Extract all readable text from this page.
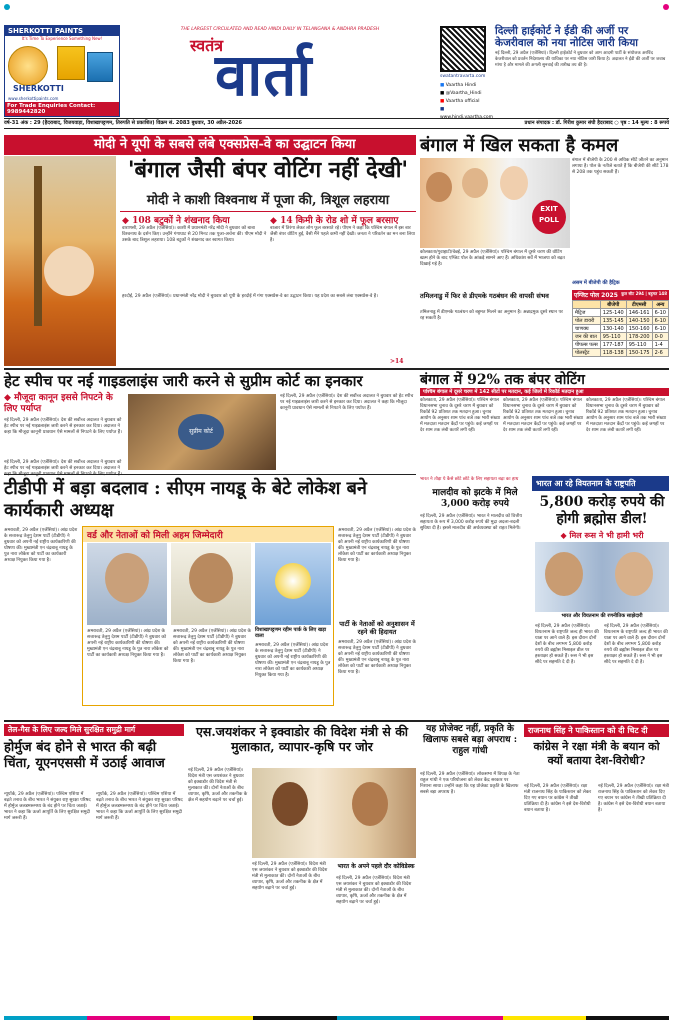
SHERKOTTI PAINTS
It's Time To Experience Something New!
SHERKOTTI
www.sherkottipaints.com
For Trade Enquiries Contact: 9989442820
THE LARGEST CIRCULATED AND READ HINDI DAILY IN TELANGANA & ANDHRA PRADESH
स्वतंत्र
वार्ता	swatantravarta.com
■ Vaartha Hindi
■ @Vaartha_Hindi
■ Vaartha official
■
दिल्ली हाईकोर्ट ने ईडी की अर्जी पर केजरीवाल को नया नोटिस जारी किया
नई दिल्ली, 29 अप्रैल (एजेंसियां)। दिल्ली हाईकोर्ट ने बुधवार को आम आदमी पार्टी के संयोजक अरविंद केजरीवाल को प्रवर्तन निदेशालय की याचिका पर नया नोटिस जारी किया है। अदालत ने ईडी की अर्जी पर जवाब मांगा है और मामले की अगली सुनवाई की तारीख तय की है।
वर्ष-31 अंक : 29 (हैदराबाद, विजयवाड़ा, विशाखापट्टणम, तिरुपति से प्रकाशित) विक्रम सं. 2083 बुधवार, 30 अप्रैल-2026	प्रधान संपादक : डॉ. गिरीश कुमार संघी हैदराबाद ○ पृष्ठ : 14 मूल्य : 8 रूपये
मोदी ने यूपी के सबसे लंबे एक्सप्रेस-वे का उद्घाटन किया
'बंगाल जैसी बंपर वोटिंग नहीं देखी'
मोदी ने काशी विश्वनाथ में पूजा की, त्रिशूल लहराया
◆ 108 बटुकों ने शंखनाद किया	◆ 14 किमी के रोड शो में फूल बरसाए
वाराणसी, 29 अप्रैल (एजेंसियां)। काशी में प्रधानमंत्री नरेंद्र मोदी ने बुधवार को बाबा विश्वनाथ के दर्शन किए। उन्होंने गंगाघाट से 20 मिनट तक पूजा-अर्चना की। पीएम मोदी ने उसके बाद त्रिशूल लहराया। 108 बटुकों ने शंखनाद कर स्वागत किया।
बाजार में तिरंगा लेकर लोग फूल बरसाते रहे। पीएम ने कहा कि पश्चिम बंगाल में इस बार जैसी बंपर वोटिंग हुई, वैसी मैंने पहले कभी नहीं देखी। जनता ने परिवर्तन का मन बना लिया है।
हरदोई, 29 अप्रैल (एजेंसियां)। प्रधानमंत्री नरेंद्र मोदी ने बुधवार को यूपी के हरदोई में गंगा एक्सप्रेस-वे का उद्घाटन किया। यह प्रदेश का सबसे लंबा एक्सप्रेस-वे है।
>14
बंगाल में खिल सकता है कमल
EXIT POLL
बंगाल में बीजेपी के 200 से अधिक सीटें जीतने का अनुमान लगाया है। पोल के नतीजे बताते हैं कि बीजेपी की सीटें 178 से 208 तक पहुंच सकती हैं।
कोलकाता/गुवाहाटी/चेन्नई, 29 अप्रैल (एजेंसियां)। पश्चिम बंगाल में दूसरे चरण की वोटिंग खत्म होने के बाद एग्जिट पोल के आंकड़े सामने आए हैं। अधिकांश सर्वे में भाजपा को बढ़त दिखाई गई है।
तमिलनाडु में फिर से डीएमके गठबंधन की वापसी संभव
तमिलनाडु में डीएमके गठबंधन को बहुमत मिलने का अनुमान है। अन्नाद्रमुक दूसरे स्थान पर रह सकती है।
असम में बीजेपी की हैट्रिक
एग्जिट पोल 2025 कुल सीट 294 | बहुमत 148
	बीजेपी	टीएमसी	अन्य
मैट्रिज	125-140	146-161	6-10
पोल डायरी	135-145	140-150	6-10
चाणक्य	130-140	150-160	6-10
जन की बात	95-110	178-200	0-0
पीपल्स पल्स	177-187	95-110	1-4
पोलस्ट्रैट	118-138	150-175	2-6
हेट स्पीच पर नई गाइडलाइंस जारी करने से सुप्रीम कोर्ट का इनकार
◆ मौजूदा कानून इससे निपटने के लिए पर्याप्त
नई दिल्ली, 29 अप्रैल (एजेंसियां)। देश की सर्वोच्च अदालत ने बुधवार को हेट स्पीच पर नई गाइडलाइंस जारी करने से इनकार कर दिया। अदालत ने कहा कि मौजूदा कानूनी प्रावधान ऐसे मामलों से निपटने के लिए पर्याप्त हैं।	सुप्रीम कोर्ट
नई दिल्ली, 29 अप्रैल (एजेंसियां)। देश की सर्वोच्च अदालत ने बुधवार को हेट स्पीच पर नई गाइडलाइंस जारी करने से इनकार कर दिया। अदालत ने कहा कि मौजूदा कानूनी प्रावधान ऐसे मामलों से निपटने के लिए पर्याप्त हैं।
नई दिल्ली, 29 अप्रैल (एजेंसियां)। देश की सर्वोच्च अदालत ने बुधवार को हेट स्पीच पर नई गाइडलाइंस जारी करने से इनकार कर दिया। अदालत ने
बंगाल में 92% तक बंपर वोटिंग
पश्चिम बंगाल में दूसरे चरण में 142 सीटों पर मतदान, कई जिलों में रिकॉर्ड मतदान हुआ
कोलकाता, 29 अप्रैल (एजेंसियां)। पश्चिम बंगाल विधानसभा चुनाव के दूसरे चरण में बुधवार को रिकॉर्ड 92 प्रतिशत तक मतदान हुआ। चुनाव आयोग के अनुसार शाम पांच बजे तक भारी संख्या में मतदाता मतदान केंद्रों पर पहुंचे। कई जगहों पर देर शाम तक लंबी कतारें लगी रहीं।
कोलकाता, 29 अप्रैल (एजेंसियां)। पश्चिम बंगाल विधानसभा चुनाव के दूसरे चरण में बुधवार को रिकॉर्ड 92 प्रतिशत तक मतदान हुआ। चुनाव आयोग के अनुसार शाम पांच बजे तक भारी संख्या में मतदाता मतदान केंद्रों पर पहुंचे। कई जगहों पर देर शाम तक लंबी कतारें लगी रहीं।
कोलकाता, 29 अप्रैल (एजेंसियां)। पश्चिम बंगाल विधानसभा चुनाव के दूसरे चरण में बुधवार को रिकॉर्ड 92 प्रतिशत तक मतदान हुआ। चुनाव आयोग के अनुसार शाम पांच बजे तक भारी संख्या में मतदाता मतदान केंद्रों पर पहुंचे। कई जगहों पर देर शाम तक लंबी कतारें लगी रहीं।
टीडीपी में बड़ा बदलाव : सीएम नायडू के बेटे लोकेश बने कार्यकारी अध्यक्ष
अमरावती, 29 अप्रैल (एजेंसियां)। आंध्र प्रदेश के सत्तारूढ़ तेलुगु देशम पार्टी (टीडीपी) ने बुधवार को अपनी नई राष्ट्रीय कार्यकारिणी की घोषणा की। मुख्यमंत्री एन चंद्रबाबू नायडू के पुत्र नारा लोकेश को पार्टी का कार्यकारी अध्यक्ष नियुक्त किया गया है।
वर्ड और नेताओं को मिली अहम जिम्मेदारी
अमरावती, 29 अप्रैल (एजेंसियां)। आंध्र प्रदेश के सत्तारूढ़ तेलुगु देशम पार्टी (टीडीपी) ने बुधवार को अपनी नई राष्ट्रीय कार्यकारिणी की घोषणा की। मुख्यमंत्री एन चंद्रबाबू नायडू के पुत्र नारा लोकेश को पार्टी का कार्यकारी अध्यक्ष नियुक्त किया गया है।
अमरावती, 29 अप्रैल (एजेंसियां)। आंध्र प्रदेश के सत्तारूढ़ तेलुगु देशम पार्टी (टीडीपी) ने बुधवार को अपनी नई राष्ट्रीय कार्यकारिणी की घोषणा की। मुख्यमंत्री एन चंद्रबाबू नायडू के पुत्र नारा लोकेश को पार्टी का कार्यकारी अध्यक्ष नियुक्त किया गया है।
विशाखापट्टणम रहीम पार्क के लिए खड़ा वाला
अमरावती, 29 अप्रैल (एजेंसियां)। आंध्र प्रदेश के सत्तारूढ़ तेलुगु देशम पार्टी (टीडीपी) ने बुधवार को अपनी नई राष्ट्रीय कार्यकारिणी की घोषणा की। मुख्यमंत्री एन चंद्रबाबू नायडू के पुत्र नारा लोकेश को पार्टी का कार्यकारी अध्यक्ष नियुक्त किया गया है।
अमरावती, 29 अप्रैल (एजेंसियां)। आंध्र प्रदेश के सत्तारूढ़ तेलुगु देशम पार्टी (टीडीपी) ने बुधवार को अपनी नई राष्ट्रीय कार्यकारिणी की घोषणा की। मुख्यमंत्री एन चंद्रबाबू नायडू के पुत्र नारा लोकेश को पार्टी का कार्यकारी अध्यक्ष नियुक्त किया गया है।
पार्टी के नेताओं को अनुशासन में रहने की हिदायत
अमरावती, 29 अप्रैल (एजेंसियां)। आंध्र प्रदेश के सत्तारूढ़ तेलुगु देशम पार्टी (टीडीपी) ने बुधवार को अपनी नई राष्ट्रीय कार्यकारिणी की घोषणा की। मुख्यमंत्री एन चंद्रबाबू नायडू के पुत्र नारा लोकेश को पार्टी का कार्यकारी अध्यक्ष नियुक्त किया गया है।
भारत ने तोड़ा ये कैसे छोटे छोटे के लिए सहायता बढ़ा का हाथ
मालदीव को झटके में मिले 3,000 करोड़ रुपये
नई दिल्ली, 29 अप्रैल (एजेंसियां)। भारत ने मालदीव को वित्तीय सहायता के रूप में 3,000 करोड़ रुपये की मुद्रा अदला-बदली सुविधा दी है। इससे मालदीव की अर्थव्यवस्था को राहत मिलेगी।
भारत आ रहे वियतनाम के राष्ट्रपति
5,800 करोड़ रुपये की होगी ब्रह्मोस डील!
◆ मिल रूस ने भी हामी भरी
भारत और वियतनाम की रणनीतिक साझेदारी
नई दिल्ली, 29 अप्रैल (एजेंसियां)। वियतनाम के राष्ट्रपति जल्द ही भारत की यात्रा पर आने वाले हैं। इस दौरान दोनों देशों के बीच लगभग 5,800 करोड़ रुपये की ब्रह्मोस मिसाइल डील पर हस्ताक्षर हो सकते हैं। रूस ने भी इस सौदे पर सहमति दे दी है।
नई दिल्ली, 29 अप्रैल (एजेंसियां)। वियतनाम के राष्ट्रपति जल्द ही भारत की यात्रा पर आने वाले हैं। इस दौरान दोनों देशों के बीच लगभग 5,800 करोड़ रुपये की ब्रह्मोस मिसाइल डील पर हस्ताक्षर हो सकते हैं। रूस ने भी इस सौदे पर सहमति दे दी है।
तेल-गैस के लिए जल्द मिले सुरक्षित समुद्री मार्ग
होर्मुज बंद होने से भारत की बढ़ी चिंता, यूएनएससी में उठाई आवाज
न्यूयॉर्क, 29 अप्रैल (एजेंसियां)। पश्चिम एशिया में बढ़ते तनाव के बीच भारत ने संयुक्त राष्ट्र सुरक्षा परिषद में होर्मुज जलडमरूमध्य के बंद होने पर चिंता जताई। भारत ने कहा कि ऊर्जा आपूर्ति के लिए सुरक्षित समुद्री मार्ग जरूरी हैं।
न्यूयॉर्क, 29 अप्रैल (एजेंसियां)। पश्चिम एशिया में बढ़ते तनाव के बीच भारत ने संयुक्त राष्ट्र सुरक्षा परिषद में होर्मुज जलडमरूमध्य के बंद होने पर चिंता जताई। भारत ने कहा कि ऊर्जा आपूर्ति के लिए सुरक्षित समुद्री मार्ग जरूरी हैं।
एस.जयशंकर ने इक्वाडोर की विदेश मंत्री से की मुलाकात, व्यापार-कृषि पर जोर
नई दिल्ली, 29 अप्रैल (एजेंसियां)। विदेश मंत्री एस जयशंकर ने बुधवार को इक्वाडोर की विदेश मंत्री से मुलाकात की। दोनों नेताओं के बीच व्यापार, कृषि, ऊर्जा और तकनीक के क्षेत्र में सहयोग बढ़ाने पर चर्चा हुई।
नई दिल्ली, 29 अप्रैल (एजेंसियां)। विदेश मंत्री एस जयशंकर ने बुधवार को इक्वाडोर की विदेश मंत्री से मुलाकात की। दोनों नेताओं के बीच व्यापार, कृषि, ऊर्जा और तकनीक के क्षेत्र में सहयोग बढ़ाने पर चर्चा हुई।
भारत के अपने पहले दौर कोविडेस्क
नई दिल्ली, 29 अप्रैल (एजेंसियां)। विदेश मंत्री एस जयशंकर ने बुधवार को इक्वाडोर की विदेश मंत्री से मुलाकात की। दोनों नेताओं के बीच व्यापार, कृषि, ऊर्जा और तकनीक के क्षेत्र में सहयोग बढ़ाने पर चर्चा हुई।
यह प्रोजेक्ट नहीं, प्रकृति के खिलाफ सबसे बड़ा अपराध : राहुल गांधी
नई दिल्ली, 29 अप्रैल (एजेंसियां)। लोकसभा में विपक्ष के नेता राहुल गांधी ने एक परियोजना को लेकर केंद्र सरकार पर निशाना साधा। उन्होंने कहा कि यह प्रोजेक्ट प्रकृति के खिलाफ सबसे बड़ा अपराध है।
राजनाथ सिंह ने पाकिस्तान को दी चिट दी
कांग्रेस ने रक्षा मंत्री के बयान को क्यों बताया देश-विरोधी?
नई दिल्ली, 29 अप्रैल (एजेंसियां)। रक्षा मंत्री राजनाथ सिंह के पाकिस्तान को लेकर दिए गए बयान पर कांग्रेस ने तीखी प्रतिक्रिया दी है। कांग्रेस ने इसे देश-विरोधी बयान बताया है।
नई दिल्ली, 29 अप्रैल (एजेंसियां)। रक्षा मंत्री राजनाथ सिंह के पाकिस्तान को लेकर दिए गए बयान पर कांग्रेस ने तीखी प्रतिक्रिया दी है। कांग्रेस ने इसे देश-विरोधी बयान बताया है।
